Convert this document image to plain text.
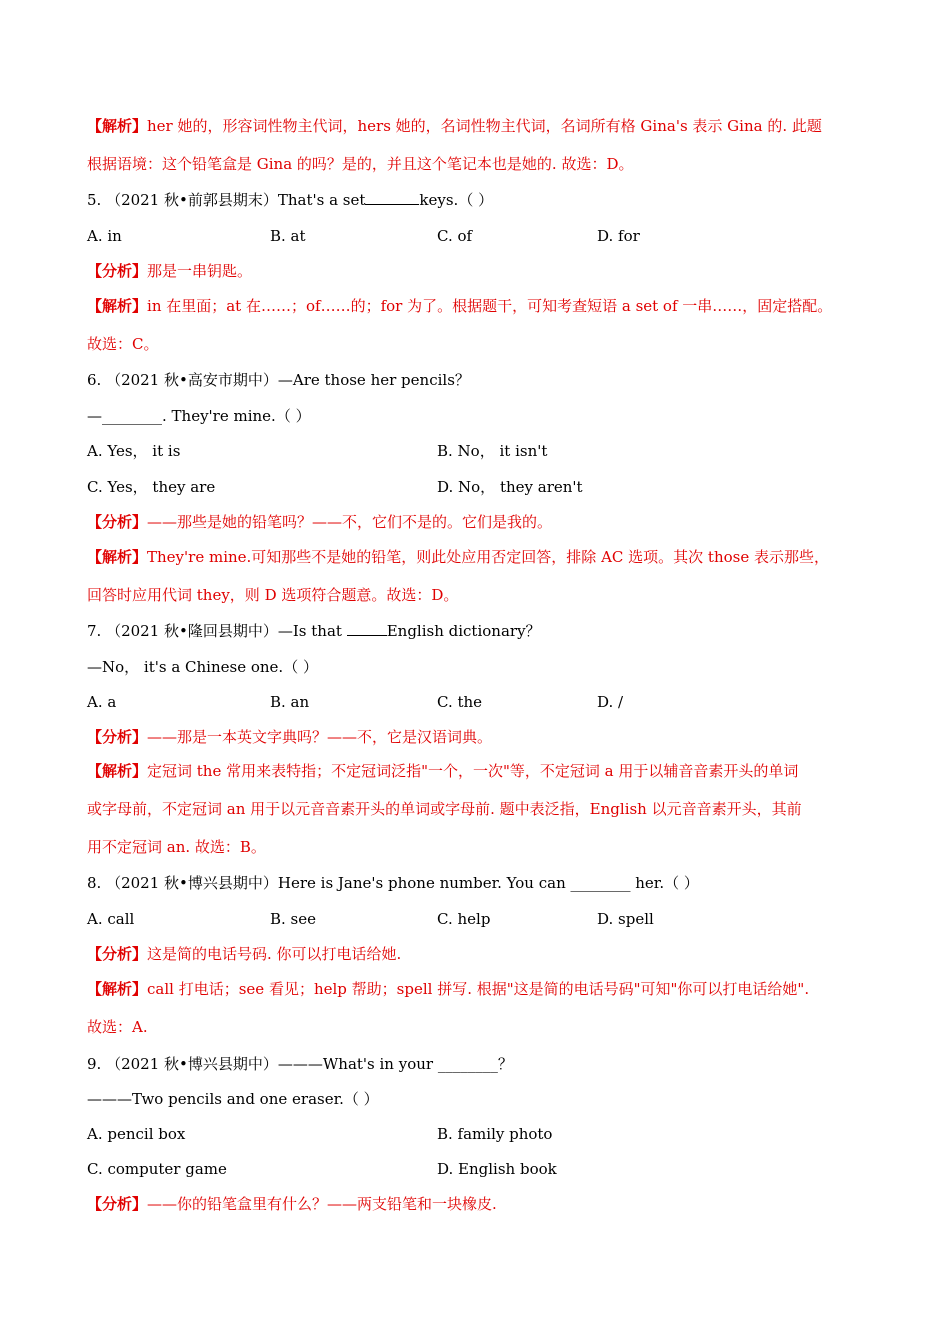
【解析】her 她的，形容词性物主代词，hers 她的，名词性物主代词，名词所有格 Gina's 表示 Gina 的. 此题
根据语境：这个铅笔盒是 Gina 的吗？是的，并且这个笔记本也是她的. 故选：D。
5. （2021 秋•前郭县期末）That's a set	keys.（ ）
A. in	B. at	C. of	D. for
【分析】那是一串钥匙。
【解析】in 在里面；at 在……；of……的；for 为了。根据题干，可知考查短语 a set of 一串……，固定搭配。
故选：C。
6. （2021 秋•高安市期中）—Are those her pencils？
—________. They're mine.（ ）
A. Yes， it is	B. No， it isn't
C. Yes， they are	D. No， they aren't
【分析】——那些是她的铅笔吗？——不，它们不是的。它们是我的。
【解析】They're mine.可知那些不是她的铅笔，则此处应用否定回答，排除 AC 选项。其次 those 表示那些，
回答时应用代词 they，则 D 选项符合题意。故选：D。
7. （2021 秋•隆回县期中）—Is that	English dictionary？
—No， it's a Chinese one.（ ）
A. a	B. an	C. the	D. /
【分析】——那是一本英文字典吗？——不，它是汉语词典。
【解析】定冠词 the 常用来表特指；不定冠词泛指"一个，一次"等，不定冠词 a 用于以辅音音素开头的单词
或字母前，不定冠词 an 用于以元音音素开头的单词或字母前. 题中表泛指，English 以元音音素开头，其前
用不定冠词 an. 故选：B。
8. （2021 秋•博兴县期中）Here is Jane's phone number. You can ________ her.（ ）
A. call	B. see	C. help	D. spell
【分析】这是简的电话号码. 你可以打电话给她.
【解析】call 打电话；see 看见；help 帮助；spell 拼写. 根据"这是简的电话号码"可知"你可以打电话给她".
故选：A.
9. （2021 秋•博兴县期中）———What's in your ________？
———Two pencils and one eraser.（ ）
A. pencil box	B. family photo
C. computer game	D. English book
【分析】——你的铅笔盒里有什么？——两支铅笔和一块橡皮.
